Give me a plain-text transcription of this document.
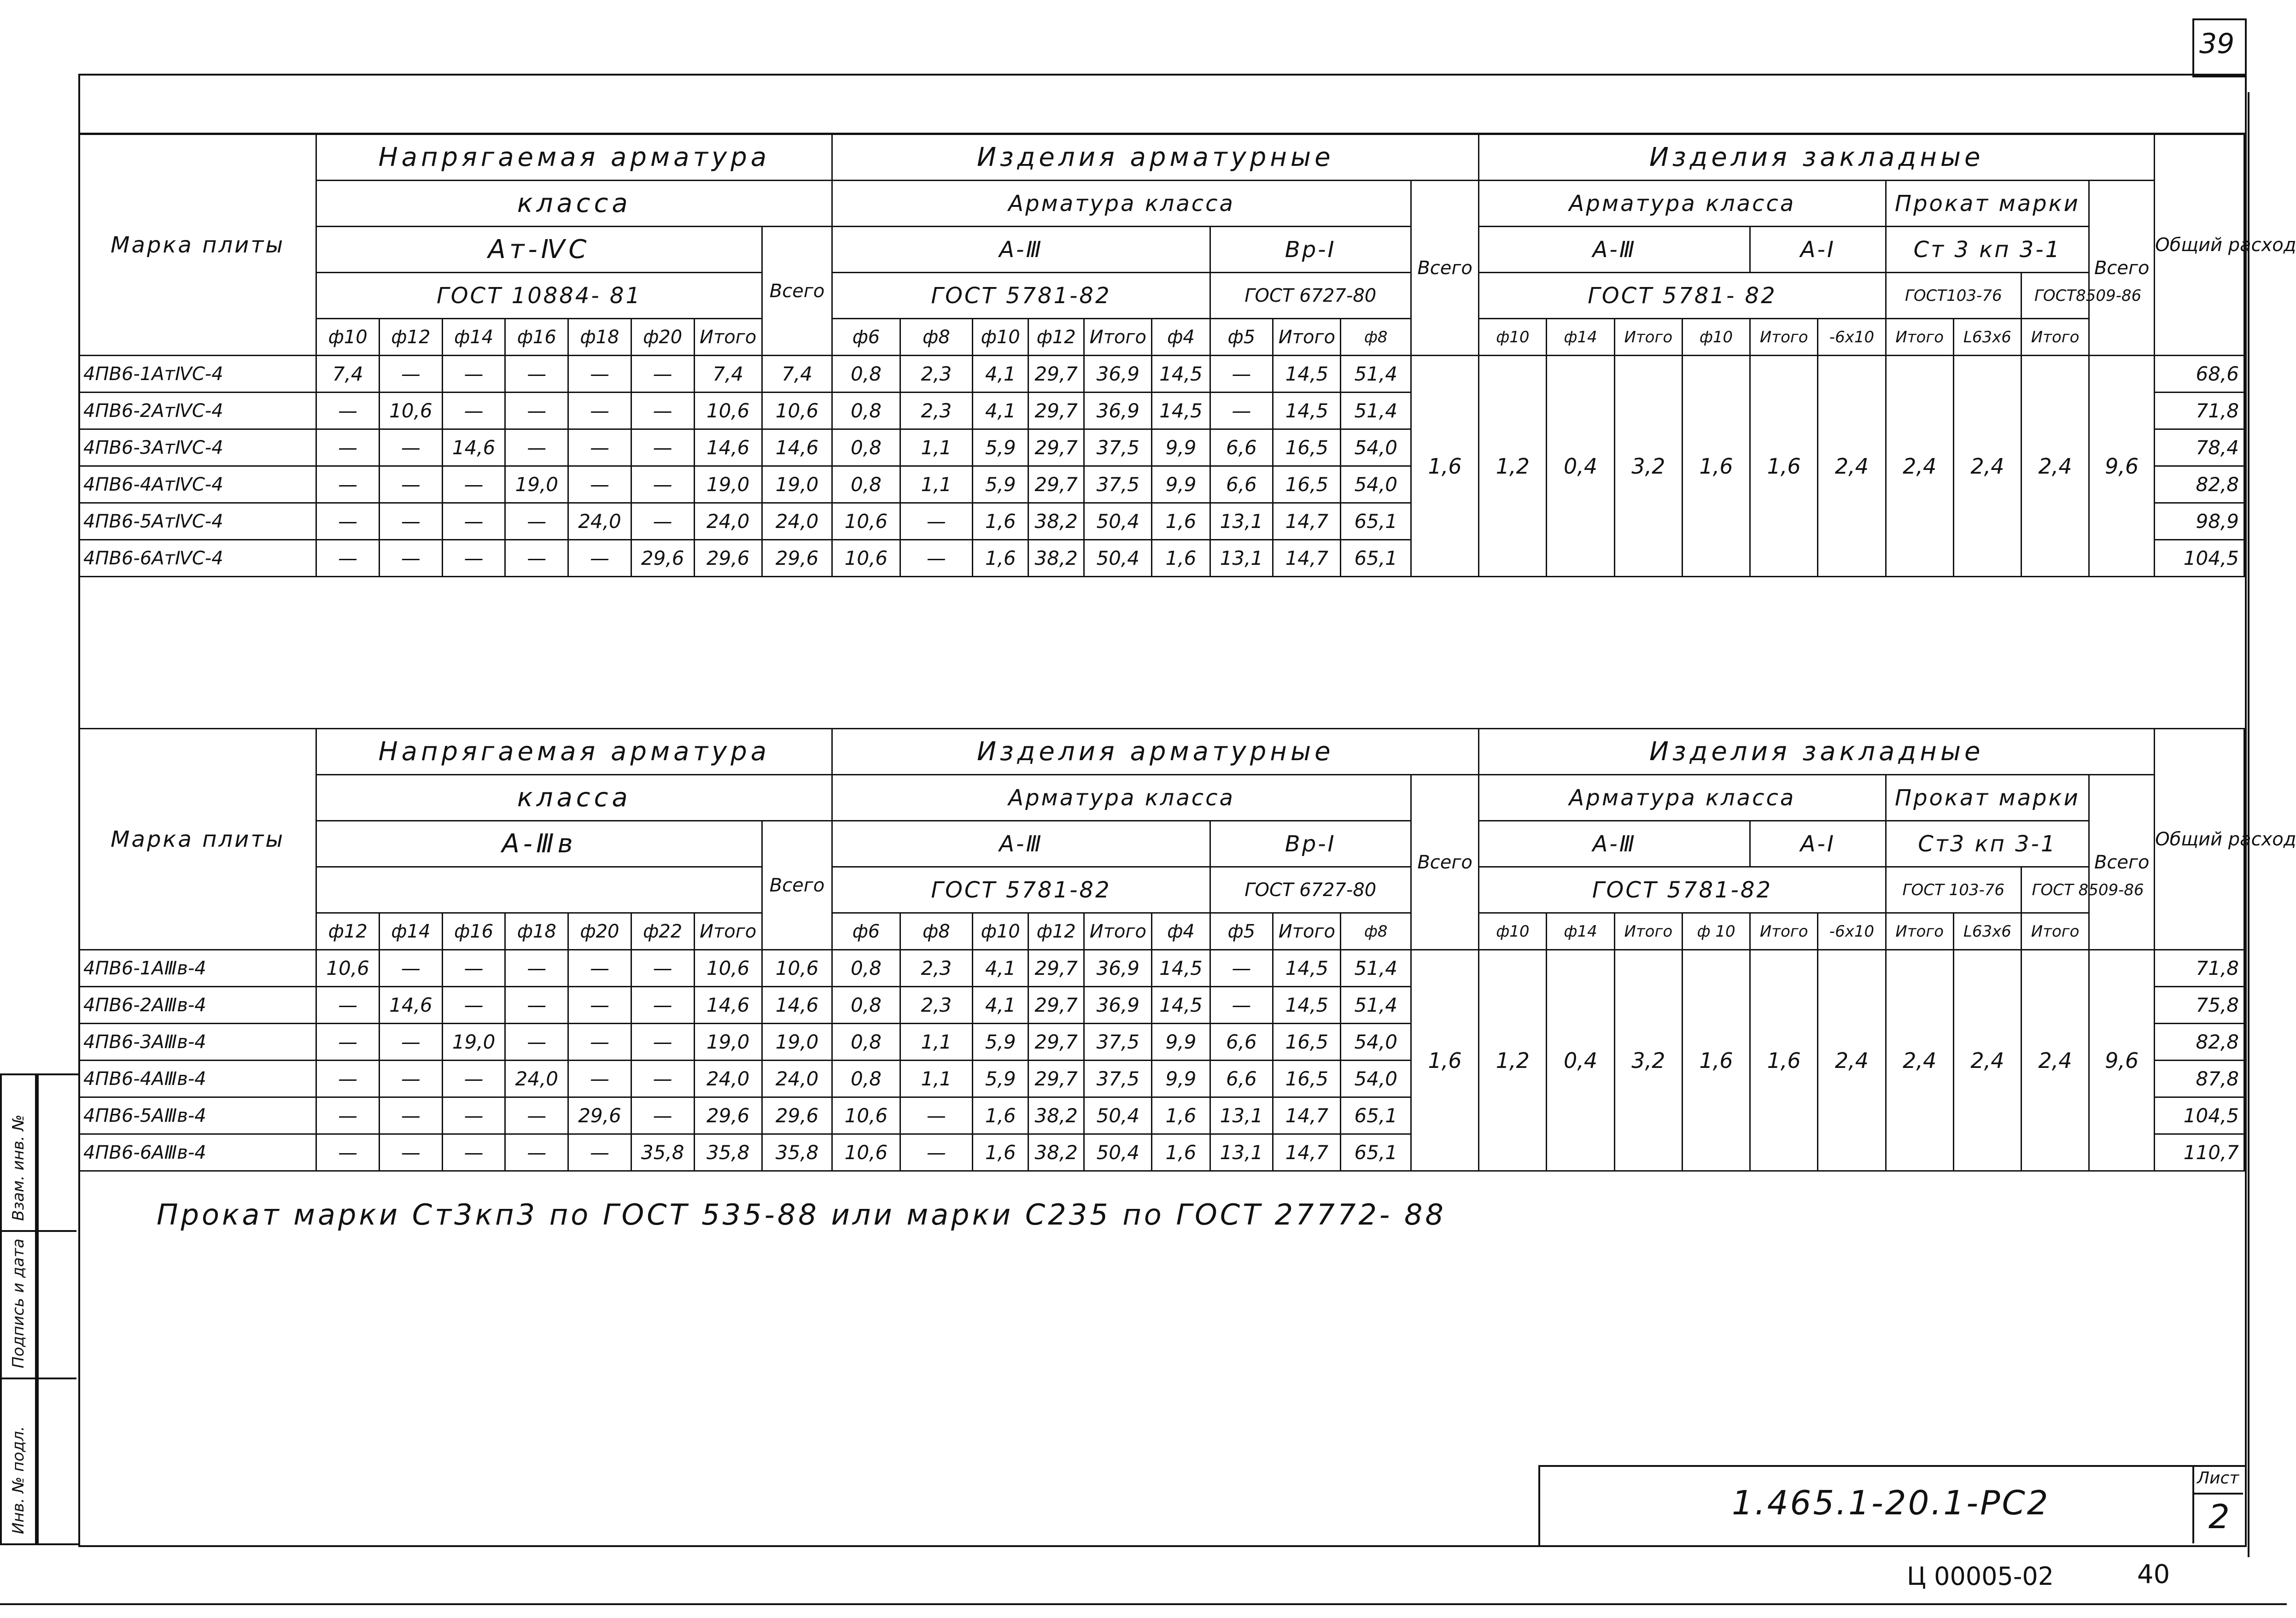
39
Марка плиты	Напрягаемая арматура								Изделия арматурные										Изделия закладные										Общий расход
	класса								Арматура класса									Всего	Арматура класса						Прокат марки			Всего	
	Ат-ⅣС							Всего	А-Ⅲ						Вр-I				А-Ⅲ				А-I		Ст 3 кп 3-1				
	ГОСТ 10884- 81								ГОСТ 5781-82						ГОСТ 6727-80				ГОСТ 5781- 82						ГОСТ103-76		ГОСТ8509-86		
	ф10	ф12	ф14	ф16	ф18	ф20	Итого		ф6	ф8	ф10	ф12	Итого	ф4	ф5	Итого	ф8		ф10	ф14	Итого	ф10	Итого	-6х10	Итого	L63х6	Итого		
4ПВ6-1АтⅣС-4	7,4	—	—	—	—	—	7,4	7,4	0,8	2,3	4,1	29,7	36,9	14,5	—	14,5	51,4	1,6	1,2	0,4	3,2	1,6	1,6	2,4	2,4	2,4	2,4	9,6	68,6
4ПВ6-2АтⅣС-4	—	10,6	—	—	—	—	10,6	10,6	0,8	2,3	4,1	29,7	36,9	14,5	—	14,5	51,4												71,8
4ПВ6-3АтⅣС-4	—	—	14,6	—	—	—	14,6	14,6	0,8	1,1	5,9	29,7	37,5	9,9	6,6	16,5	54,0												78,4
4ПВ6-4АтⅣС-4	—	—	—	19,0	—	—	19,0	19,0	0,8	1,1	5,9	29,7	37,5	9,9	6,6	16,5	54,0												82,8
4ПВ6-5АтⅣС-4	—	—	—	—	24,0	—	24,0	24,0	10,6	—	1,6	38,2	50,4	1,6	13,1	14,7	65,1												98,9
4ПВ6-6АтⅣС-4	—	—	—	—	—	29,6	29,6	29,6	10,6	—	1,6	38,2	50,4	1,6	13,1	14,7	65,1												104,5
Марка плиты	Напрягаемая арматура								Изделия арматурные										Изделия закладные										Общий расход
	класса								Арматура класса									Всего	Арматура класса						Прокат марки			Всего	
	А-Ⅲв							Всего	А-Ⅲ						Вр-I				А-Ⅲ				А-I		Ст3 кп 3-1				
									ГОСТ 5781-82						ГОСТ 6727-80				ГОСТ 5781-82						ГОСТ 103-76		ГОСТ 8509-86		
	ф12	ф14	ф16	ф18	ф20	ф22	Итого		ф6	ф8	ф10	ф12	Итого	ф4	ф5	Итого	ф8		ф10	ф14	Итого	ф 10	Итого	-6х10	Итого	L63х6	Итого		
4ПВ6-1АⅢв-4	10,6	—	—	—	—	—	10,6	10,6	0,8	2,3	4,1	29,7	36,9	14,5	—	14,5	51,4	1,6	1,2	0,4	3,2	1,6	1,6	2,4	2,4	2,4	2,4	9,6	71,8
4ПВ6-2АⅢв-4	—	14,6	—	—	—	—	14,6	14,6	0,8	2,3	4,1	29,7	36,9	14,5	—	14,5	51,4												75,8
4ПВ6-3АⅢв-4	—	—	19,0	—	—	—	19,0	19,0	0,8	1,1	5,9	29,7	37,5	9,9	6,6	16,5	54,0												82,8
4ПВ6-4АⅢв-4	—	—	—	24,0	—	—	24,0	24,0	0,8	1,1	5,9	29,7	37,5	9,9	6,6	16,5	54,0												87,8
4ПВ6-5АⅢв-4	—	—	—	—	29,6	—	29,6	29,6	10,6	—	1,6	38,2	50,4	1,6	13,1	14,7	65,1												104,5
4ПВ6-6АⅢв-4	—	—	—	—	—	35,8	35,8	35,8	10,6	—	1,6	38,2	50,4	1,6	13,1	14,7	65,1												110,7
Прокат марки Ст3кп3 по ГОСТ 535-88 или марки С235 по ГОСТ 27772- 88
Взам. инв. №
Подпись и дата
Инв. № подл.	1.465.1-20.1-РС2
Лист
2
Ц 00005-02	40
